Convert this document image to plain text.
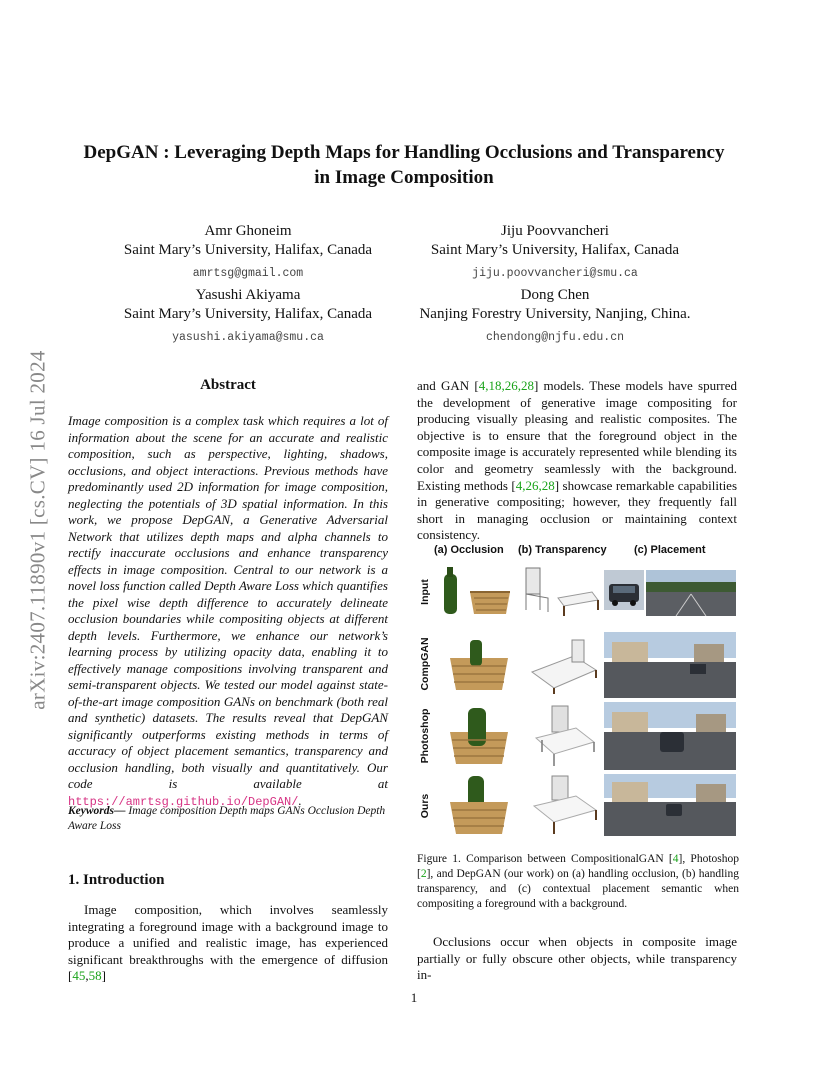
arXiv:2407.11890v1 [cs.CV] 16 Jul 2024
DepGAN : Leveraging Depth Maps for Handling Occlusions and Transparency
in Image Composition
Amr Ghoneim
Saint Mary’s University, Halifax, Canada
amrtsg@gmail.com
Jiju Poovvancheri
Saint Mary’s University, Halifax, Canada
jiju.poovvancheri@smu.ca
Yasushi Akiyama
Saint Mary’s University, Halifax, Canada
yasushi.akiyama@smu.ca
Dong Chen
Nanjing Forestry University, Nanjing, China.
chendong@njfu.edu.cn
Abstract
Image composition is a complex task which requires a lot of information about the scene for an accurate and realistic composition, such as perspective, lighting, shadows, occlusions, and object interactions. Previous methods have predominantly used 2D information for image composition, neglecting the potentials of 3D spatial information. In this work, we propose DepGAN, a Generative Adversarial Network that utilizes depth maps and alpha channels to rectify inaccurate occlusions and enhance transparency effects in image composition. Central to our network is a novel loss function called Depth Aware Loss which quantifies the pixel wise depth difference to accurately delineate occlusion boundaries while compositing objects at different depth levels. Furthermore, we enhance our network’s learning process by utilizing opacity data, enabling it to effectively manage compositions involving transparent and semi-transparent objects. We tested our model against state-of-the-art image composition GANs on benchmark (both real and synthetic) datasets. The results reveal that DepGAN significantly outperforms existing methods in terms of accuracy of object placement semantics, transparency and occlusion handling, both visually and quantitatively. Our code is available at https://amrtsg.github.io/DepGAN/.
Keywords— Image composition Depth maps GANs Occlusion Depth Aware Loss
1. Introduction
Image composition, which involves seamlessly integrating a foreground image with a background image to produce a unified and realistic image, has experienced significant breakthroughs with the emergence of diffusion [45,58]
and GAN [4,18,26,28] models. These models have spurred the development of generative image compositing for producing visually pleasing and realistic composites. The objective is to ensure that the foreground object in the composite image is accurately represented while blending its color and geometry seamlessly with the background. Existing methods [4,26,28] showcase remarkable capabilities in generative compositing; however, they frequently fall short in managing occlusion or maintaining context consistency.
(a) Occlusion (b) Transparency (c) Placement
Input
CompGAN
Photoshop
Ours
Figure 1. Comparison between CompositionalGAN [4], Photoshop [2], and DepGAN (our work) on (a) handling occlusion, (b) handling transparency, and (c) contextual placement semantic when compositing a foreground with a background.
Occlusions occur when objects in composite image partially or fully obscure other objects, while transparency in-
1
